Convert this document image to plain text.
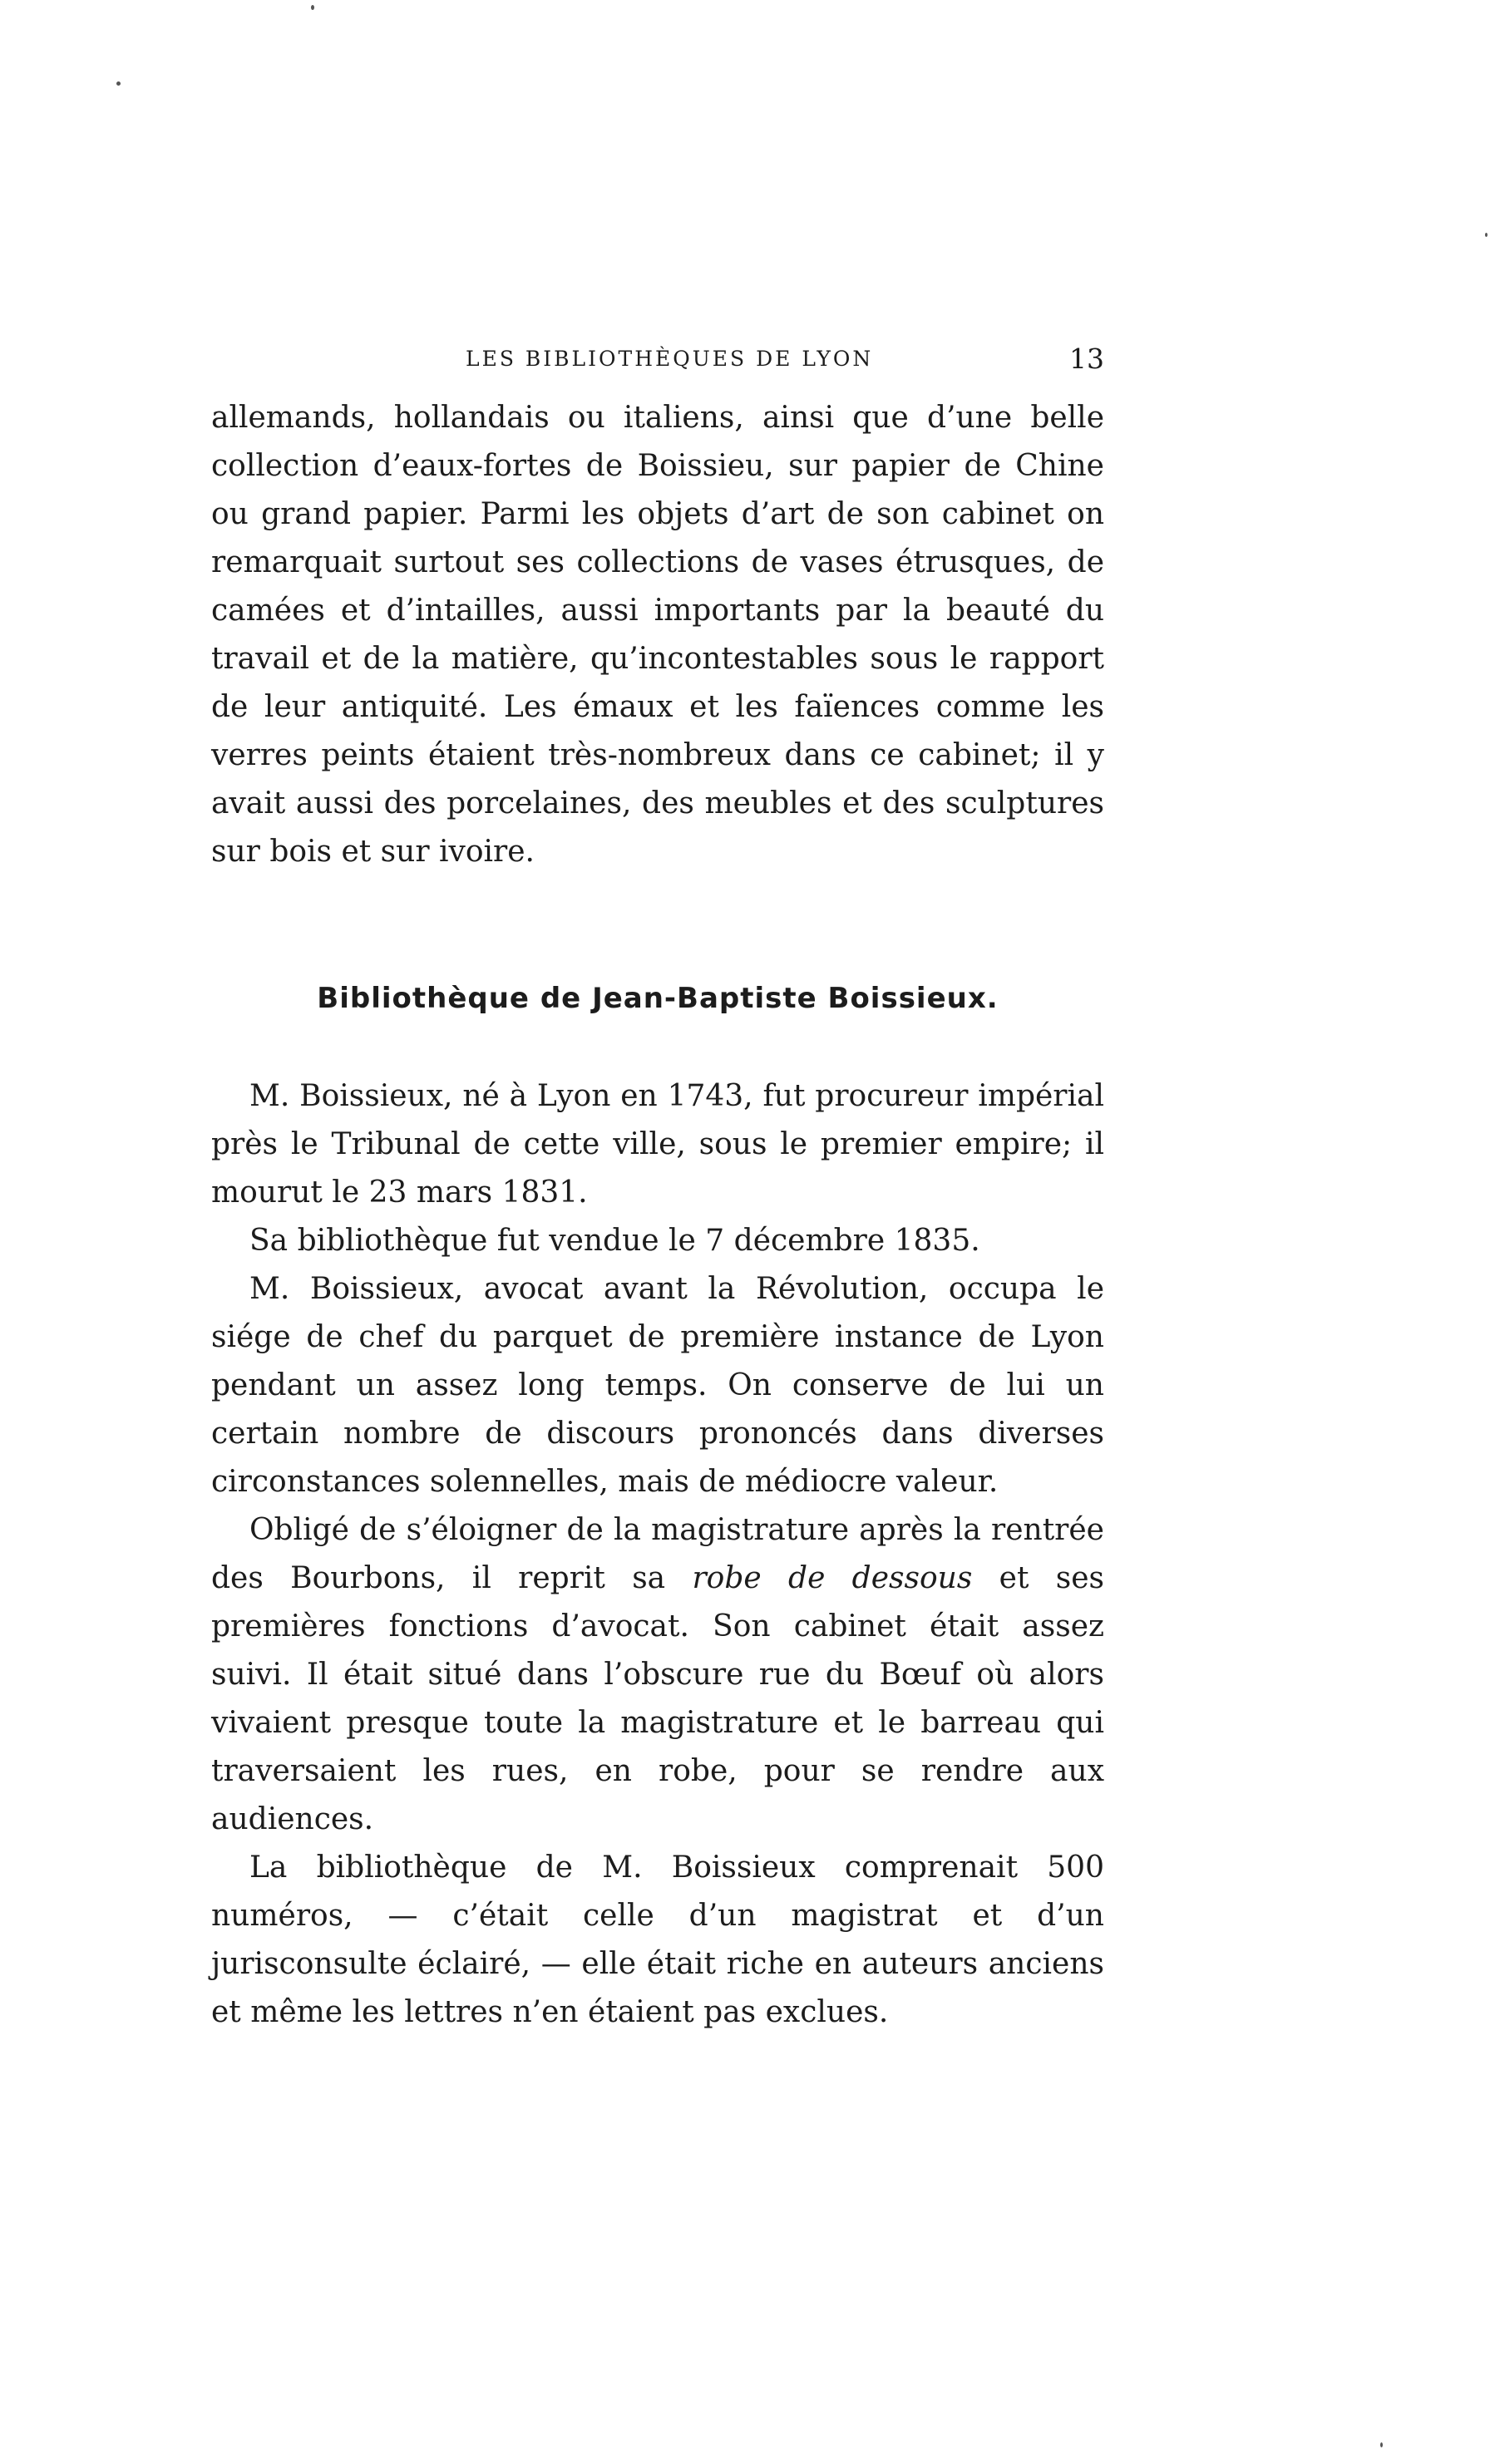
LES BIBLIOTHÈQUES DE LYON	13

allemands, hollandais ou italiens, ainsi que d’une belle collection d’eaux-fortes de Boissieu, sur papier de Chine ou grand papier. Parmi les objets d’art de son cabinet on remarquait surtout ses collections de vases étrusques, de camées et d’intailles, aussi importants par la beauté du travail et de la matière, qu’incontestables sous le rapport de leur antiquité. Les émaux et les faïences comme les verres peints étaient très-nombreux dans ce cabinet; il y avait aussi des porcelaines, des meubles et des sculptures sur bois et sur ivoire.

Bibliothèque de Jean-Baptiste Boissieux.

M. Boissieux, né à Lyon en 1743, fut procureur impérial près le Tribunal de cette ville, sous le premier empire; il mourut le 23 mars 1831.

Sa bibliothèque fut vendue le 7 décembre 1835.

M. Boissieux, avocat avant la Révolution, occupa le siége de chef du parquet de première instance de Lyon pendant un assez long temps. On conserve de lui un certain nombre de discours prononcés dans diverses circonstances solennelles, mais de médiocre valeur.

Obligé de s’éloigner de la magistrature après la rentrée des Bourbons, il reprit sa robe de dessous et ses premières fonctions d’avocat. Son cabinet était assez suivi. Il était situé dans l’obscure rue du Bœuf où alors vivaient presque toute la magistrature et le barreau qui traversaient les rues, en robe, pour se rendre aux audiences.

La bibliothèque de M. Boissieux comprenait 500 numéros, — c’était celle d’un magistrat et d’un jurisconsulte éclairé, — elle était riche en auteurs anciens et même les lettres n’en étaient pas exclues.
